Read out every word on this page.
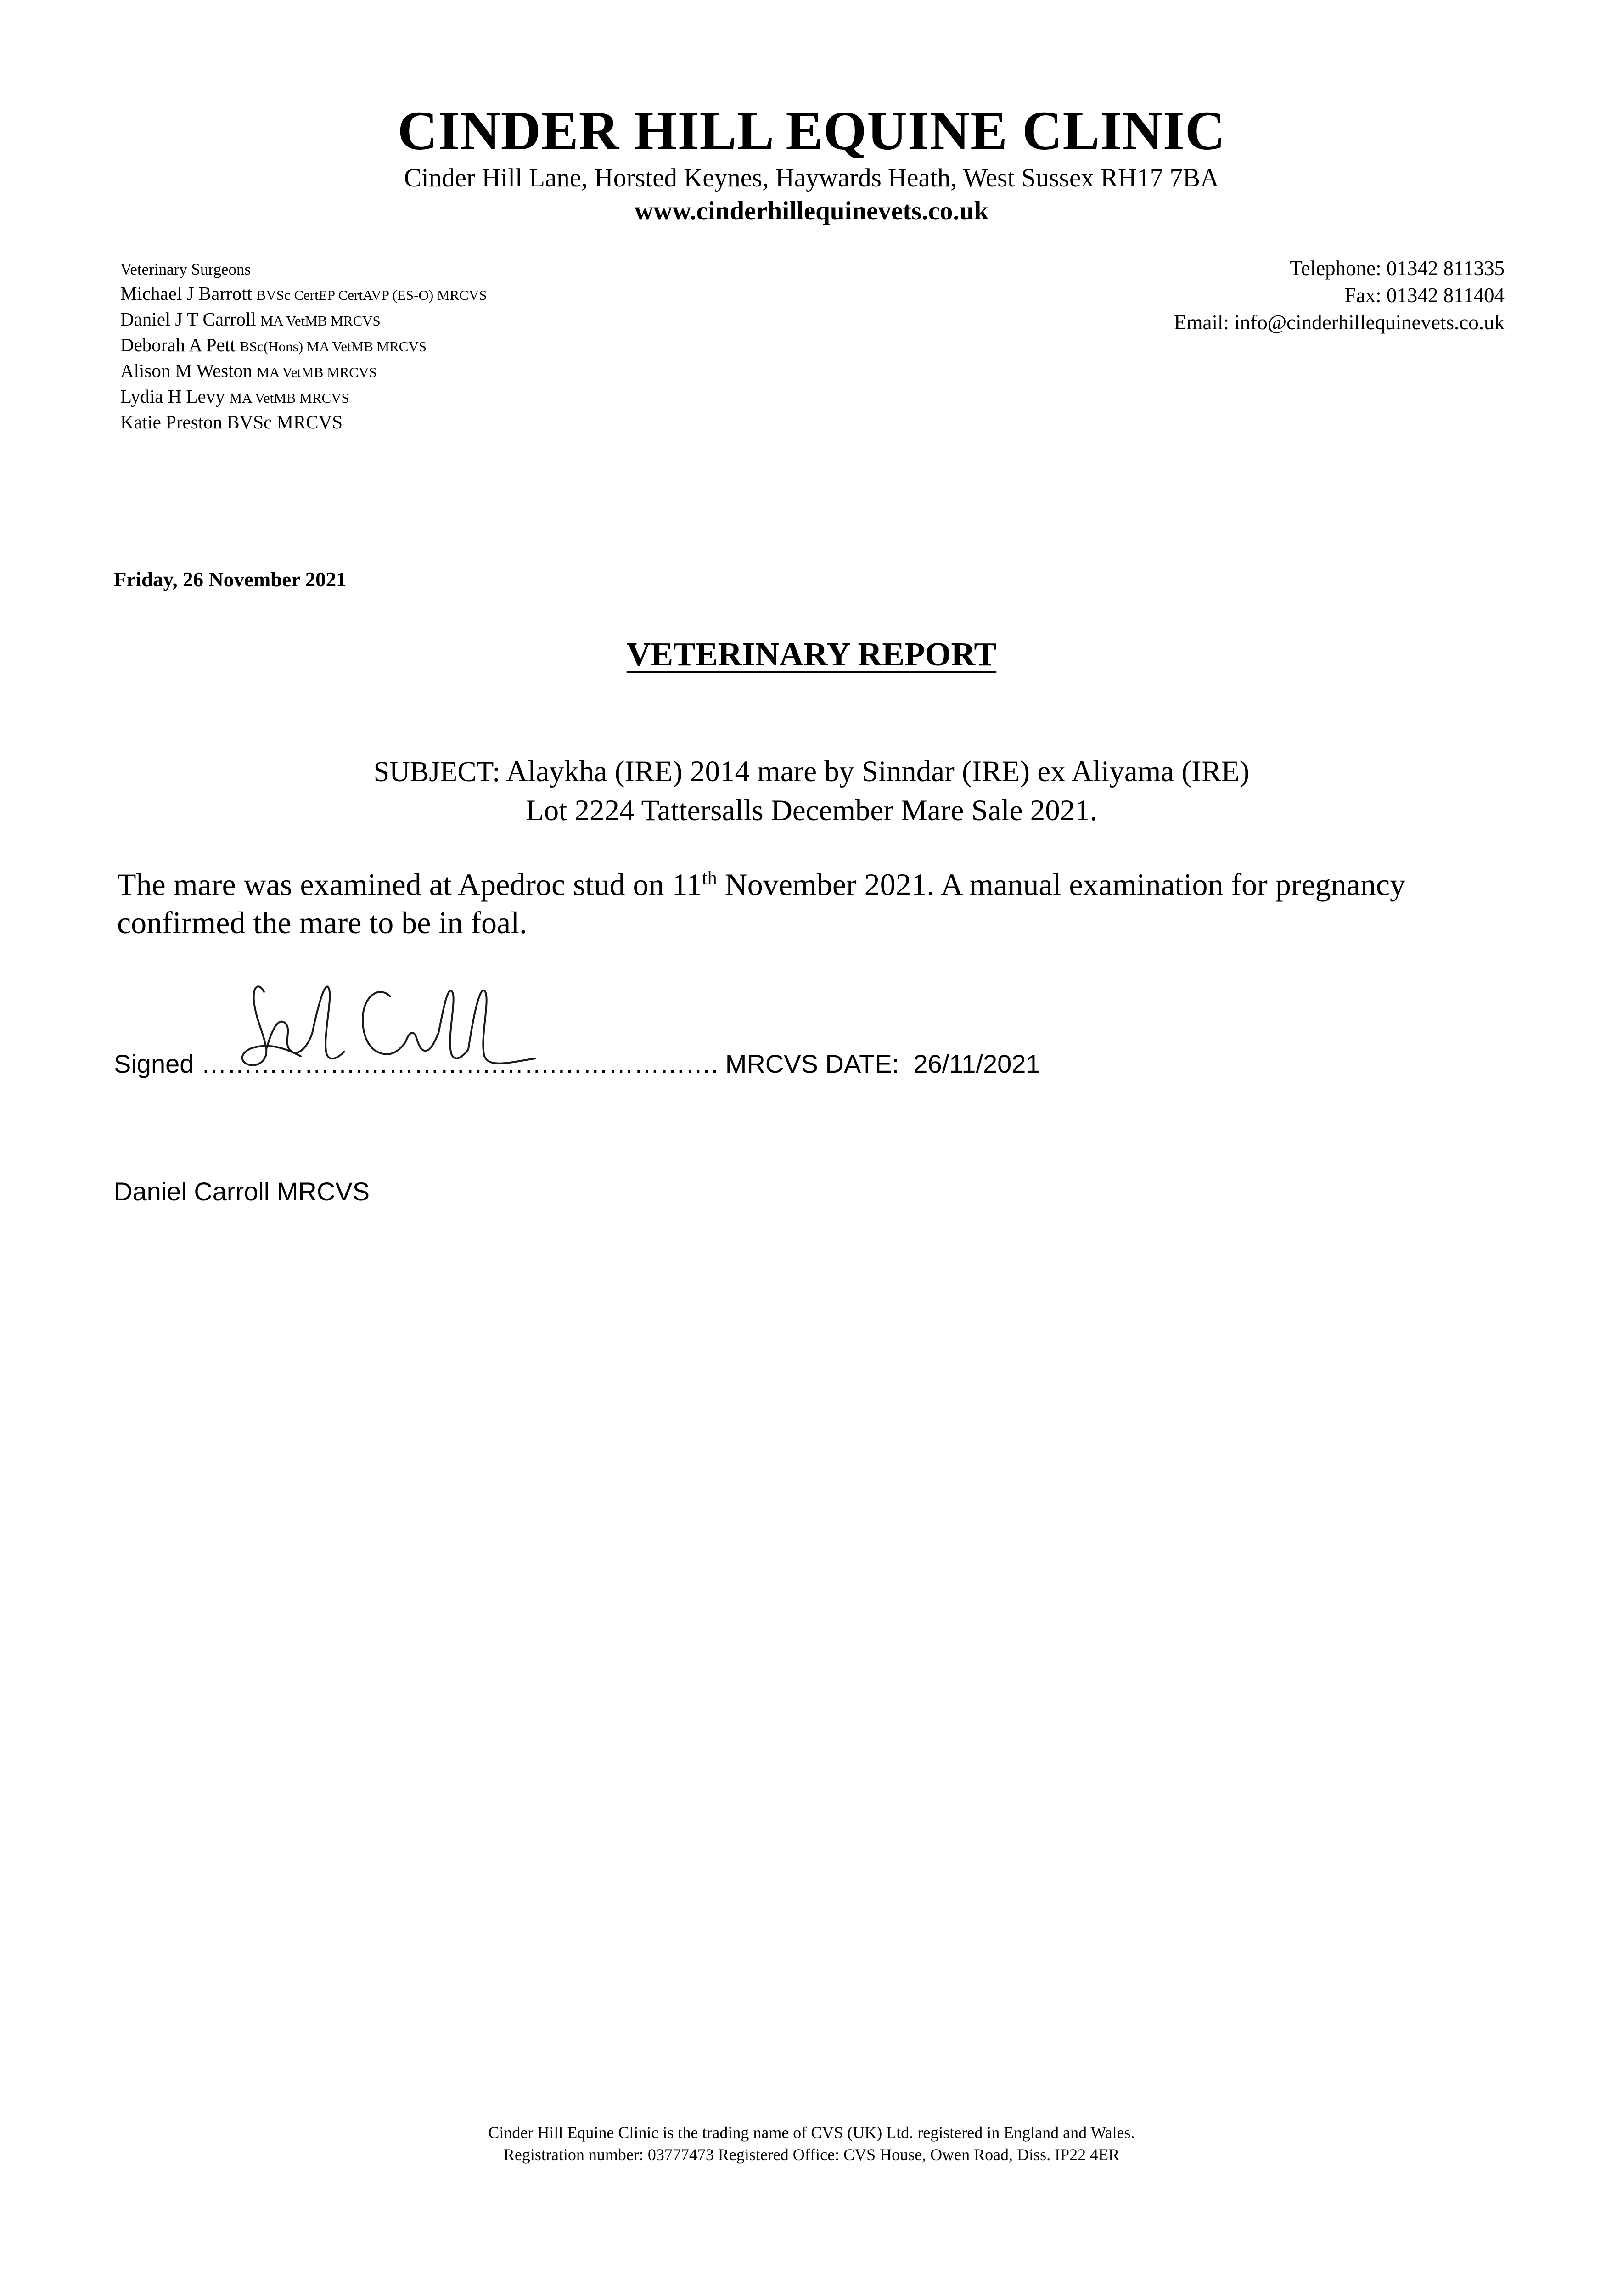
CINDER HILL EQUINE CLINIC
Cinder Hill Lane, Horsted Keynes, Haywards Heath, West Sussex RH17 7BA
www.cinderhillequinevets.co.uk
Veterinary Surgeons
Michael J Barrott BVSc CertEP CertAVP (ES-O) MRCVS
Daniel J T Carroll MA VetMB MRCVS
Deborah A Pett BSc(Hons) MA VetMB MRCVS
Alison M Weston MA VetMB MRCVS
Lydia H Levy MA VetMB MRCVS
Katie Preston BVSc MRCVS
Telephone: 01342 811335
Fax: 01342 811404
Email: info@cinderhillequinevets.co.uk
Friday, 26 November 2021
VETERINARY REPORT
SUBJECT: Alaykha (IRE) 2014 mare by Sinndar (IRE) ex Aliyama (IRE)
Lot 2224 Tattersalls December Mare Sale 2021.
The mare was examined at Apedroc stud on 11th November 2021. A manual examination for pregnancy confirmed the mare to be in foal.
Signed ……………….…………….…….………………. MRCVS DATE: 26/11/2021
Daniel Carroll MRCVS
Cinder Hill Equine Clinic is the trading name of CVS (UK) Ltd. registered in England and Wales.
Registration number: 03777473 Registered Office: CVS House, Owen Road, Diss. IP22 4ER
